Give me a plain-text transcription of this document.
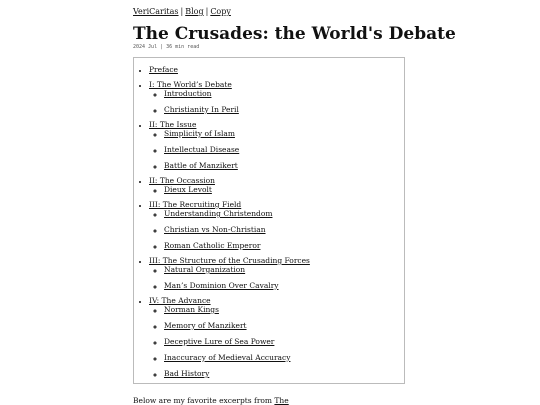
VeriCaritas | Blog | Copy
The Crusades: the World's Debate
2024 Jul | 36 min read
• Preface
• I: The World’s Debate
◦ Introduction
◦ Christianity In Peril
• II: The Issue
◦ Simplicity of Islam
◦ Intellectual Disease
◦ Battle of Manzikert
• II: The Occassion
◦ Dieux Levolt
• III: The Recruiting Field
◦ Understanding Christendom
◦ Christian vs Non-Christian
◦ Roman Catholic Emperor
• III: The Structure of the Crusading Forces
◦ Natural Organization
◦ Man’s Dominion Over Cavalry
• IV: The Advance
◦ Norman Kings
◦ Memory of Manzikert
◦ Deceptive Lure of Sea Power
◦ Inaccuracy of Medieval Accuracy
◦ Bad History
Below are my favorite excerpts from The
